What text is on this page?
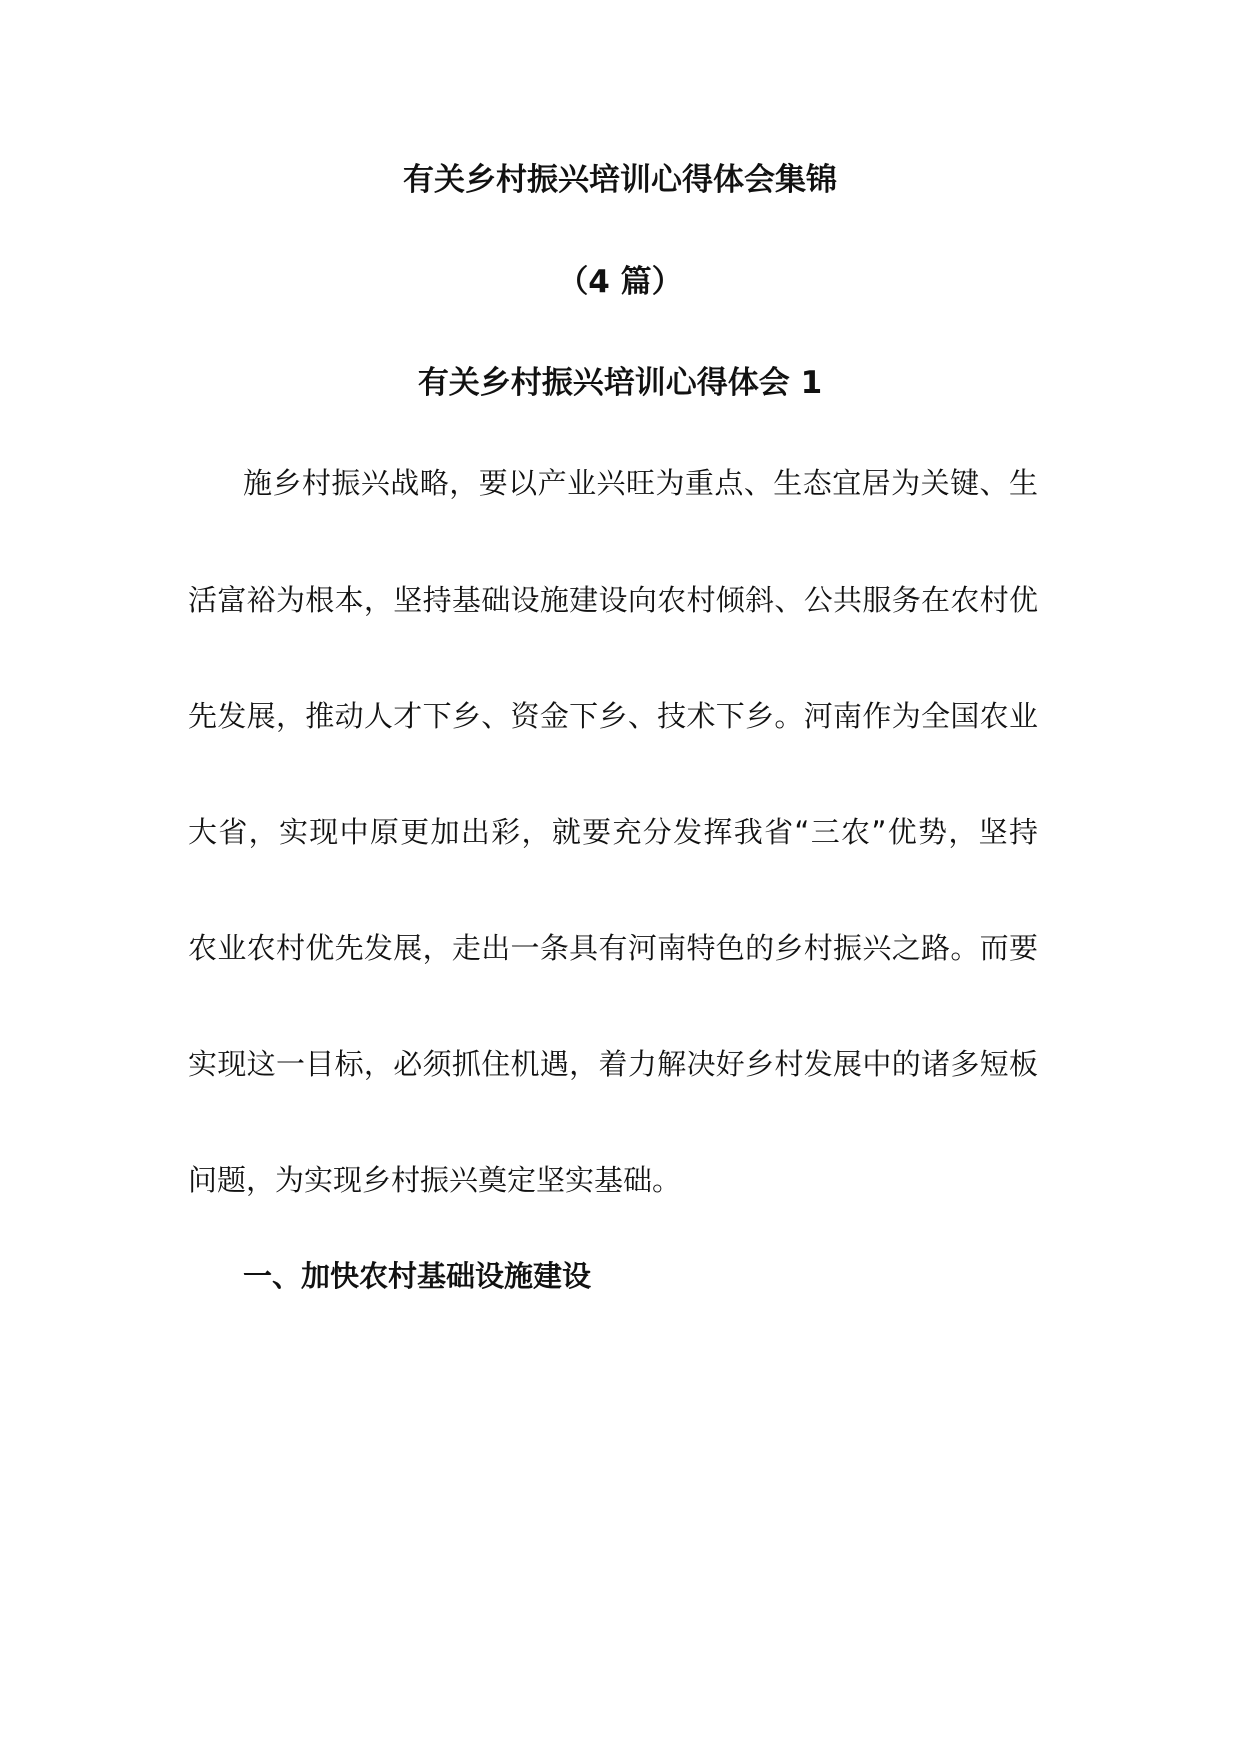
有关乡村振兴培训心得体会集锦
（4 篇）
有关乡村振兴培训心得体会 1
施乡村振兴战略，要以产业兴旺为重点、生态宜居为关键、生
活富裕为根本，坚持基础设施建设向农村倾斜、公共服务在农村优
先发展，推动人才下乡、资金下乡、技术下乡。河南作为全国农业
大省，实现中原更加出彩，就要充分发挥我省“三农”优势，坚持
农业农村优先发展，走出一条具有河南特色的乡村振兴之路。而要
实现这一目标，必须抓住机遇，着力解决好乡村发展中的诸多短板
问题，为实现乡村振兴奠定坚实基础。
一、加快农村基础设施建设
